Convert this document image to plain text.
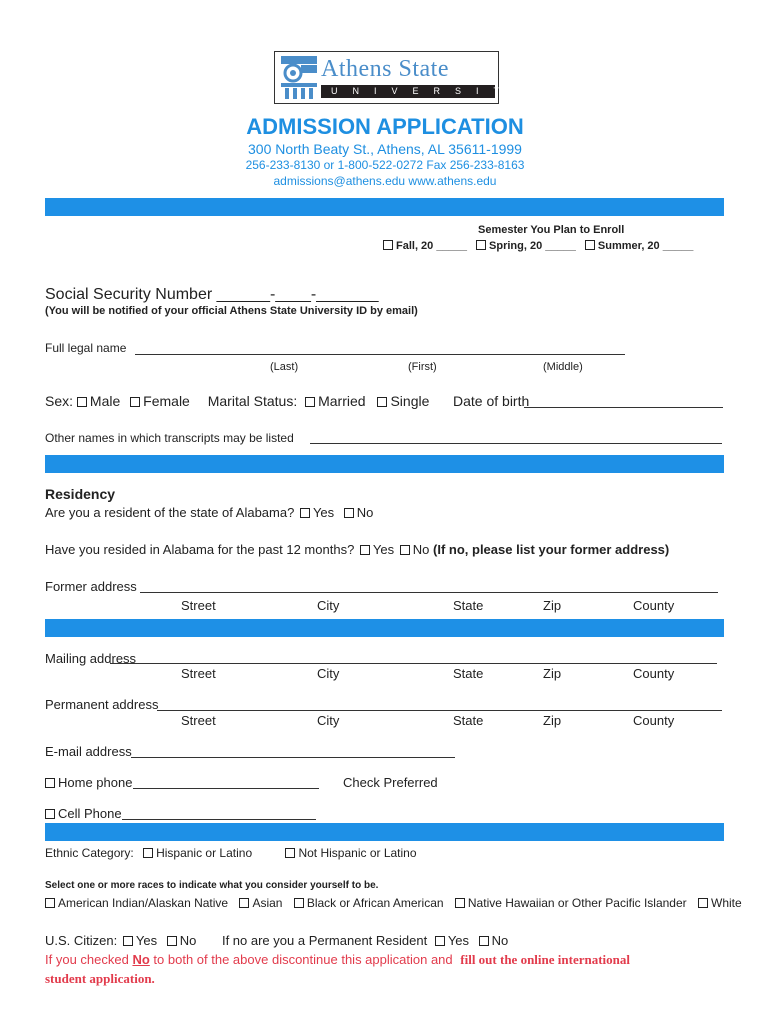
Athens State
UNIVERSITY
ADMISSION APPLICATION
300 North Beaty St., Athens, AL 35611-1999
256-233-8130 or 1-800-522-0272 Fax 256-233-8163
admissions@athens.edu www.athens.edu
Semester You Plan to Enroll
Fall, 20 _____ Spring, 20 _____ Summer, 20 _____
Social Security Number ______-____-_______
(You will be notified of your official Athens State University ID by email)
Full legal name
(Last)	(First)	(Middle)
Sex: Male Female Marital Status: Married Single Date of birth
Other names in which transcripts may be listed
Residency
Are you a resident of the state of Alabama? Yes No
Have you resided in Alabama for the past 12 months? Yes No (If no, please list your former address)
Former address
Street	City	State	Zip	County
Mailing address
Street	City	State	Zip	County
Permanent address
Street	City	State	Zip	County
E-mail address
Home phone	Check Preferred
Cell Phone
Ethnic Category: Hispanic or Latino	Not Hispanic or Latino
Select one or more races to indicate what you consider yourself to be.
American Indian/Alaskan Native Asian Black or African American Native Hawaiian or Other Pacific Islander White
U.S. Citizen: Yes No If no are you a Permanent Resident Yes No
If you checked No to both of the above discontinue this application and fill out the online international
student application.
